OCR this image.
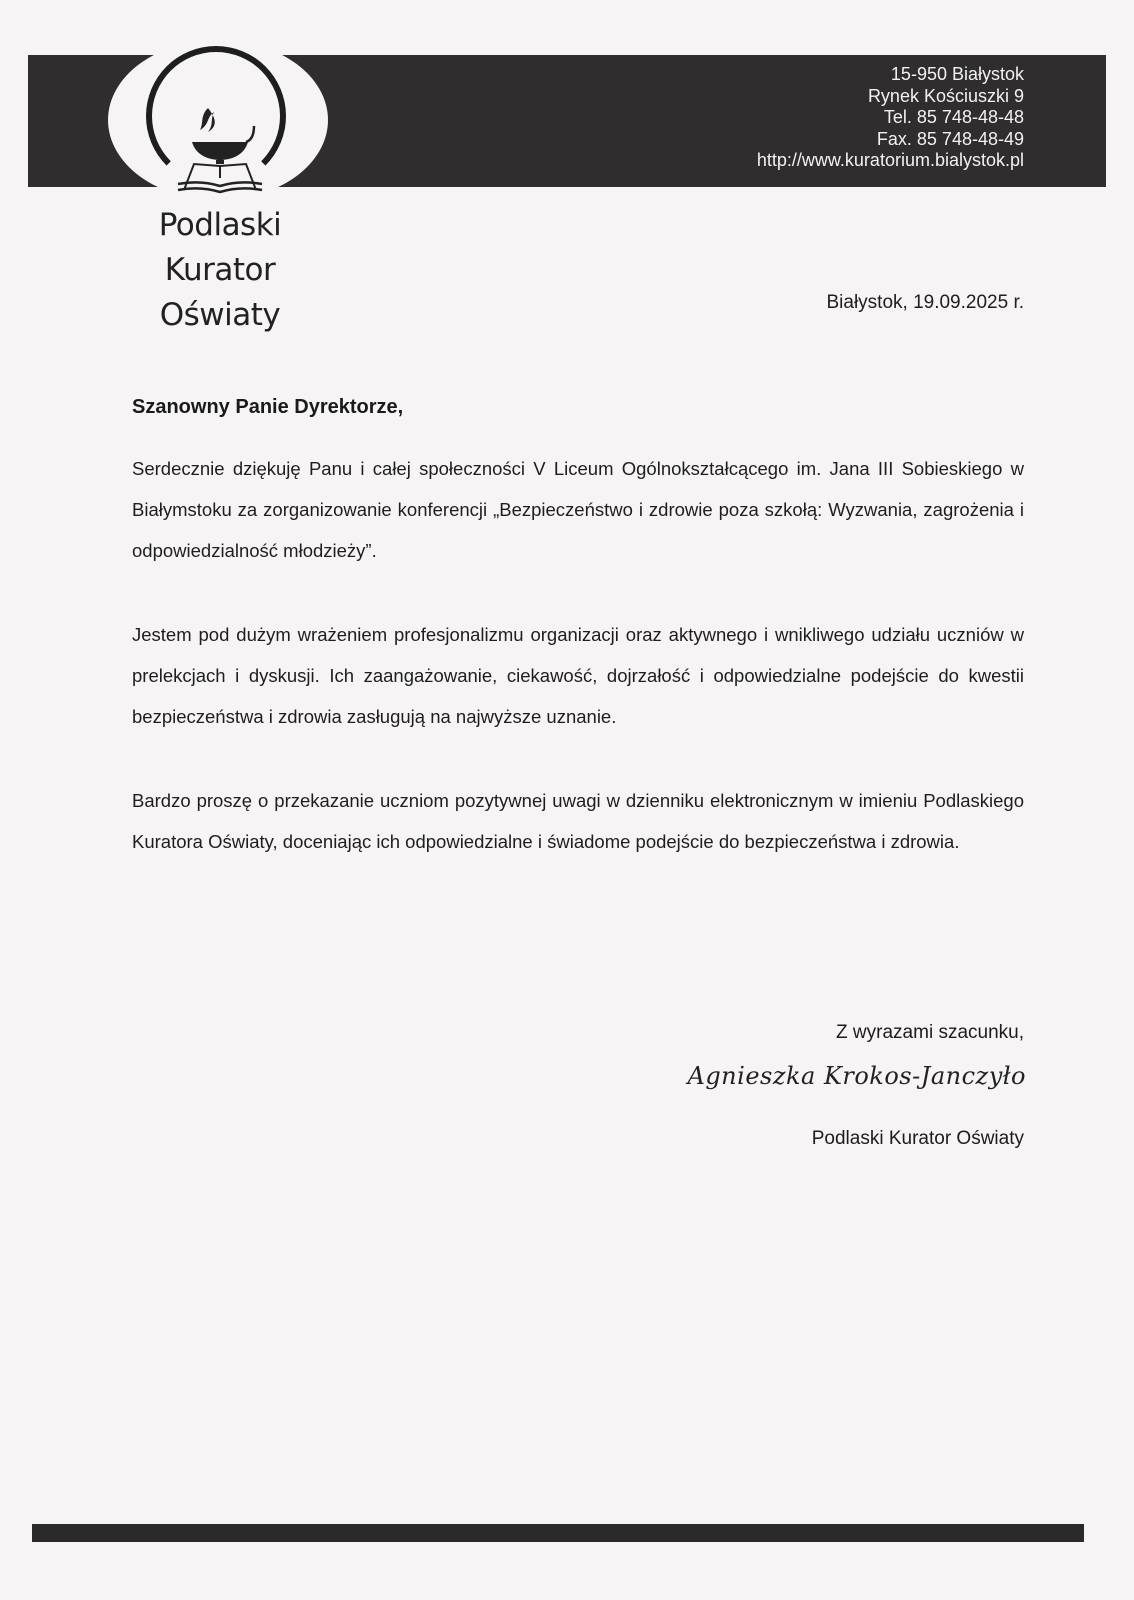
Podlaski Kurator
Oświaty
15-950 Białystok
Rynek Kościuszki 9
Tel. 85 748-48-48
Fax. 85 748-48-49
http://www.kuratorium.bialystok.pl
Białystok, 19.09.2025 r.
Szanowny Panie Dyrektorze,
Serdecznie dziękuję Panu i całej społeczności V Liceum Ogólnokształcącego im. Jana III Sobieskiego w Białymstoku za zorganizowanie konferencji „Bezpieczeństwo i zdrowie poza szkołą: Wyzwania, zagrożenia i odpowiedzialność młodzieży”.
Jestem pod dużym wrażeniem profesjonalizmu organizacji oraz aktywnego i wnikliwego udziału uczniów w prelekcjach i dyskusji. Ich zaangażowanie, ciekawość, dojrzałość i odpowiedzialne podejście do kwestii bezpieczeństwa i zdrowia zasługują na najwyższe uznanie.
Bardzo proszę o przekazanie uczniom pozytywnej uwagi w dzienniku elektronicznym w imieniu Podlaskiego Kuratora Oświaty, doceniając ich odpowiedzialne i świadome podejście do bezpieczeństwa i zdrowia.
Z wyrazami szacunku,
Agnieszka Krokos-Janczyło
Podlaski Kurator Oświaty
